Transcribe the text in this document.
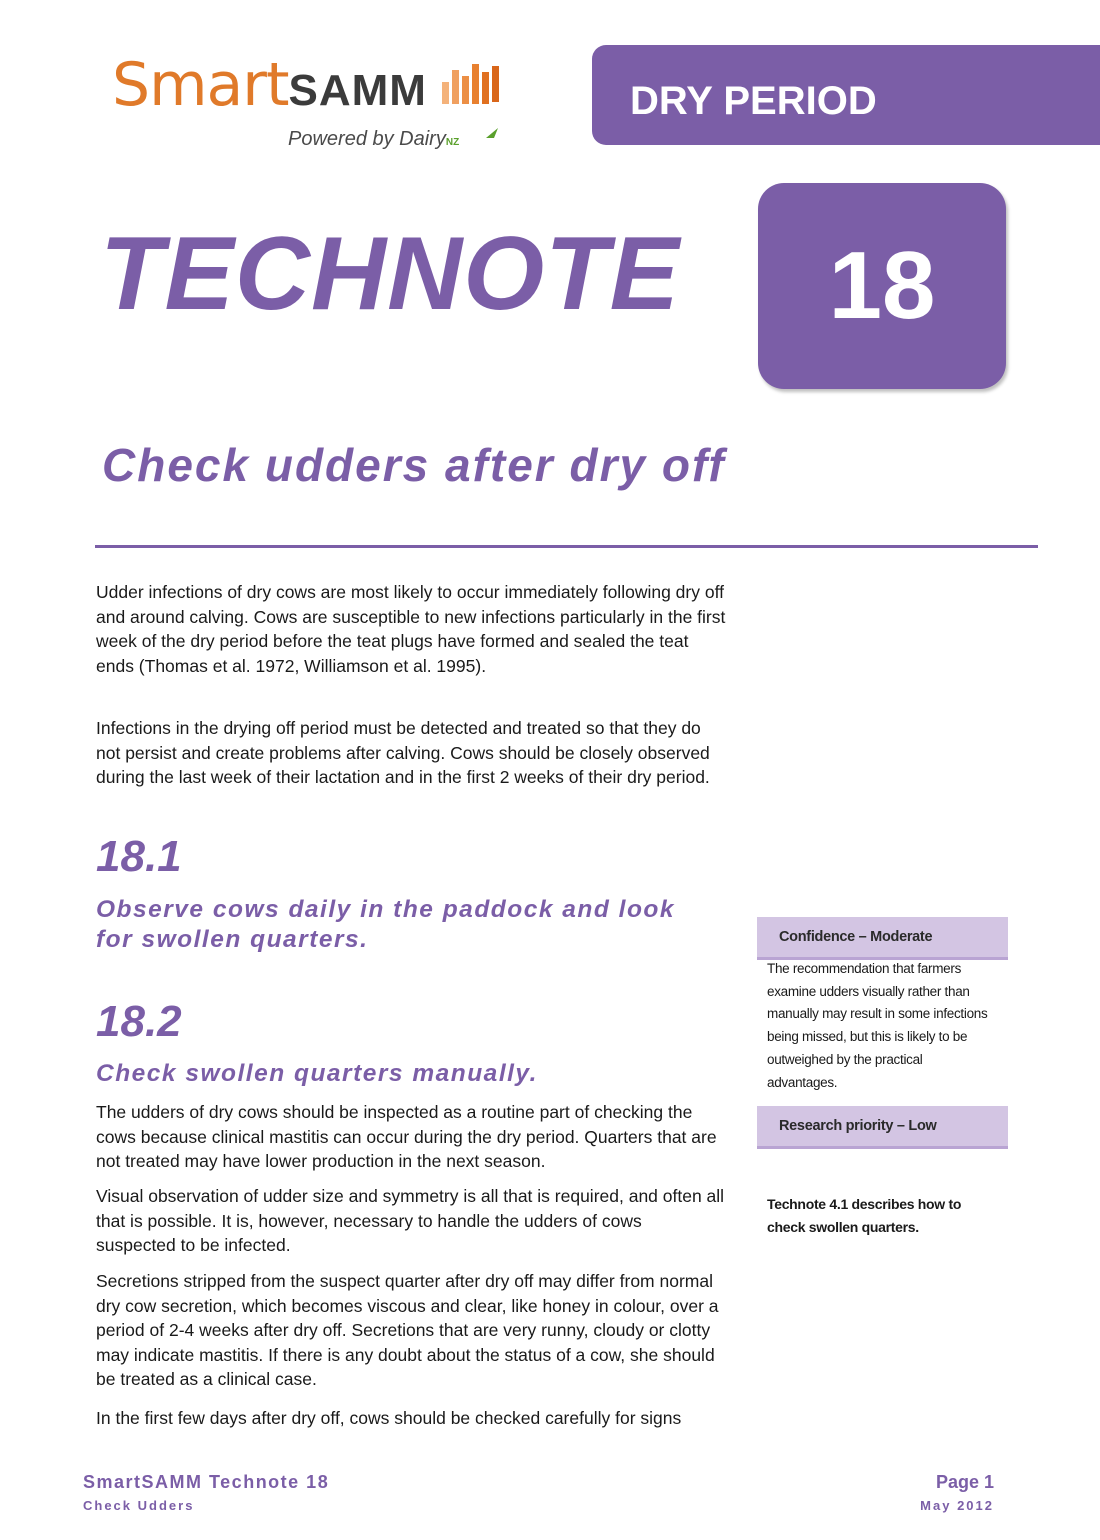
SmartSAMM
Powered by DairyNZ
DRY PERIOD
TECHNOTE	18
Check udders after dry off

Udder infections of dry cows are most likely to occur immediately following dry off and around calving. Cows are susceptible to new infections particularly in the first week of the dry period before the teat plugs have formed and sealed the teat ends (Thomas et al. 1972, Williamson et al. 1995).

Infections in the drying off period must be detected and treated so that they do not persist and create problems after calving. Cows should be closely observed during the last week of their lactation and in the first 2 weeks of their dry period.

18.1

Observe cows daily in the paddock and look for swollen quarters.

18.2

Check swollen quarters manually.

The udders of dry cows should be inspected as a routine part of checking the cows because clinical mastitis can occur during the dry period. Quarters that are not treated may have lower production in the next season.

Visual observation of udder size and symmetry is all that is required, and often all that is possible. It is, however, necessary to handle the udders of cows suspected to be infected.

Secretions stripped from the suspect quarter after dry off may differ from normal dry cow secretion, which becomes viscous and clear, like honey in colour, over a period of 2-4 weeks after dry off. Secretions that are very runny, cloudy or clotty may indicate mastitis. If there is any doubt about the status of a cow, she should be treated as a clinical case.

In the first few days after dry off, cows should be checked carefully for signs

Confidence – Moderate

The recommendation that farmers examine udders visually rather than manually may result in some infections being missed, but this is likely to be outweighed by the practical advantages.

Research priority – Low

Technote 4.1 describes how to check swollen quarters.

SmartSAMM Technote 18
Check Udders
Page 1
May 2012
